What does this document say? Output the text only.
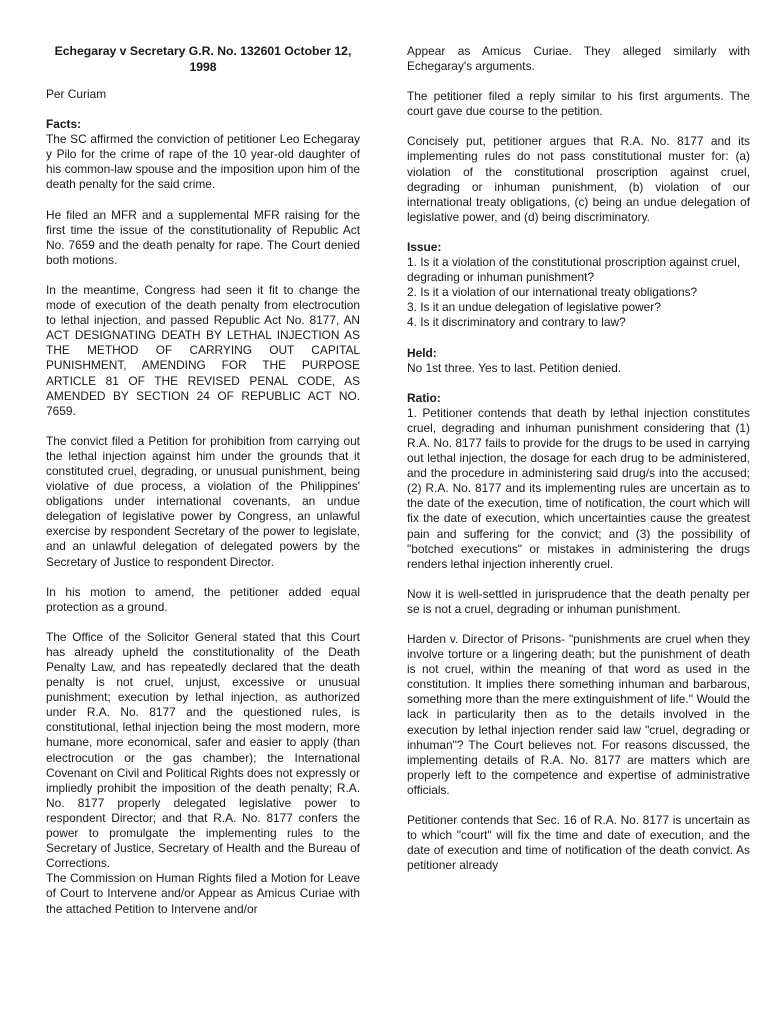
Echegaray v Secretary G.R. No. 132601 October 12, 1998

Per Curiam

Facts:

The SC affirmed the conviction of petitioner Leo Echegaray y Pilo for the crime of rape of the 10 year-old daughter of his common-law spouse and the imposition upon him of the death penalty for the said crime.

He filed an MFR and a supplemental MFR raising for the first time the issue of the constitutionality of Republic Act No. 7659 and the death penalty for rape. The Court denied both motions.

In the meantime, Congress had seen it fit to change the mode of execution of the death penalty from electrocution to lethal injection, and passed Republic Act No. 8177, AN ACT DESIGNATING DEATH BY LETHAL INJECTION AS THE METHOD OF CARRYING OUT CAPITAL PUNISHMENT, AMENDING FOR THE PURPOSE ARTICLE 81 OF THE REVISED PENAL CODE, AS AMENDED BY SECTION 24 OF REPUBLIC ACT NO. 7659.

The convict filed a Petition for prohibition from carrying out the lethal injection against him under the grounds that it constituted cruel, degrading, or unusual punishment, being violative of due process, a violation of the Philippines' obligations under international covenants, an undue delegation of legislative power by Congress, an unlawful exercise by respondent Secretary of the power to legislate, and an unlawful delegation of delegated powers by the Secretary of Justice to respondent Director.

In his motion to amend, the petitioner added equal protection as a ground.

The Office of the Solicitor General stated that this Court has already upheld the constitutionality of the Death Penalty Law, and has repeatedly declared that the death penalty is not cruel, unjust, excessive or unusual punishment; execution by lethal injection, as authorized under R.A. No. 8177 and the questioned rules, is constitutional, lethal injection being the most modern, more humane, more economical, safer and easier to apply (than electrocution or the gas chamber); the International Covenant on Civil and Political Rights does not expressly or impliedly prohibit the imposition of the death penalty; R.A. No. 8177 properly delegated legislative power to respondent Director; and that R.A. No. 8177 confers the power to promulgate the implementing rules to the Secretary of Justice, Secretary of Health and the Bureau of Corrections.

The Commission on Human Rights filed a Motion for Leave of Court to Intervene and/or Appear as Amicus Curiae with the attached Petition to Intervene and/or

Appear as Amicus Curiae. They alleged similarly with Echegaray's arguments.

The petitioner filed a reply similar to his first arguments. The court gave due course to the petition.

Concisely put, petitioner argues that R.A. No. 8177 and its implementing rules do not pass constitutional muster for: (a) violation of the constitutional proscription against cruel, degrading or inhuman punishment, (b) violation of our international treaty obligations, (c) being an undue delegation of legislative power, and (d) being discriminatory.

Issue:
1. Is it a violation of the constitutional proscription against cruel, degrading or inhuman punishment?
2. Is it a violation of our international treaty obligations?
3. Is it an undue delegation of legislative power?
4. Is it discriminatory and contrary to law?
Held:
No 1st three. Yes to last. Petition denied.
Ratio:

1. Petitioner contends that death by lethal injection constitutes cruel, degrading and inhuman punishment considering that (1) R.A. No. 8177 fails to provide for the drugs to be used in carrying out lethal injection, the dosage for each drug to be administered, and the procedure in administering said drug/s into the accused; (2) R.A. No. 8177 and its implementing rules are uncertain as to the date of the execution, time of notification, the court which will fix the date of execution, which uncertainties cause the greatest pain and suffering for the convict; and (3) the possibility of "botched executions" or mistakes in administering the drugs renders lethal injection inherently cruel.

Now it is well-settled in jurisprudence that the death penalty per se is not a cruel, degrading or inhuman punishment.

Harden v. Director of Prisons- "punishments are cruel when they involve torture or a lingering death; but the punishment of death is not cruel, within the meaning of that word as used in the constitution. It implies there something inhuman and barbarous, something more than the mere extinguishment of life." Would the lack in particularity then as to the details involved in the execution by lethal injection render said law "cruel, degrading or inhuman"? The Court believes not. For reasons discussed, the implementing details of R.A. No. 8177 are matters which are properly left to the competence and expertise of administrative officials.

Petitioner contends that Sec. 16 of R.A. No. 8177 is uncertain as to which "court" will fix the time and date of execution, and the date of execution and time of notification of the death convict. As petitioner already
